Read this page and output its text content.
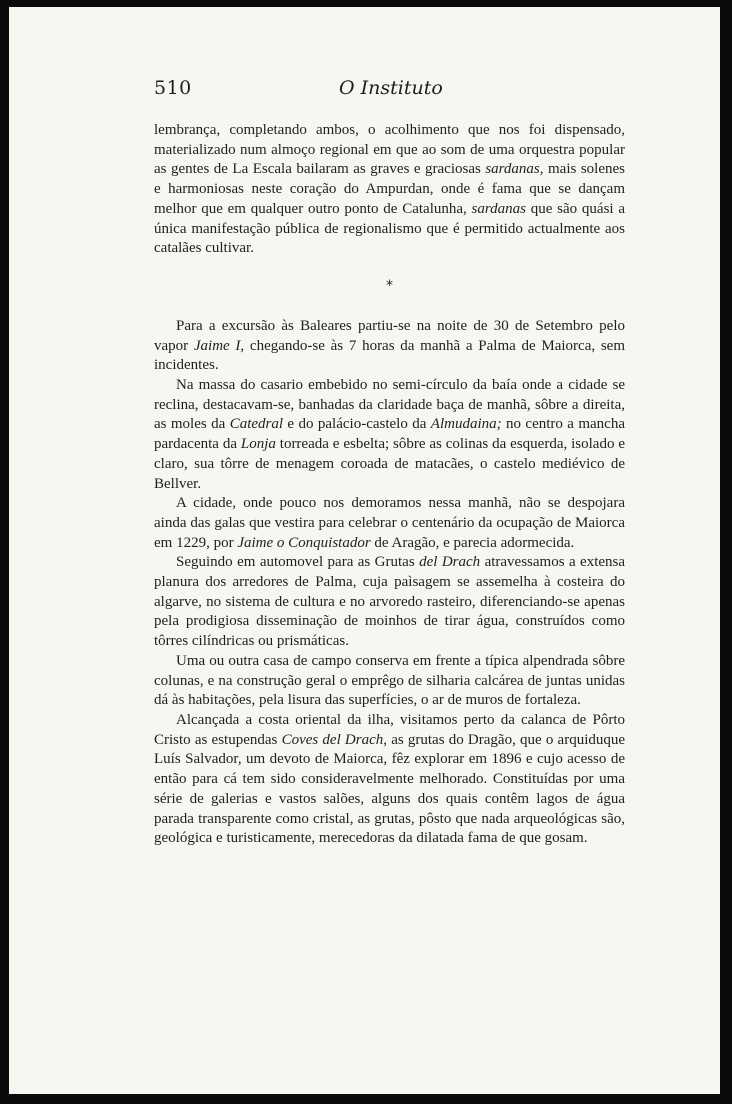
510	O Instituto

lembrança, completando ambos, o acolhimento que nos foi dispensado, materializado num almoço regional em que ao som de uma orquestra popular as gentes de La Escala bailaram as graves e graciosas sardanas, mais solenes e harmoniosas neste coração do Ampurdan, onde é fama que se dançam melhor que em qualquer outro ponto de Catalunha, sardanas que são quási a única manifestação pública de regionalismo que é permitido actualmente aos catalães cultivar.

*

Para a excursão às Baleares partiu-se na noite de 30 de Setembro pelo vapor Jaime I, chegando-se às 7 horas da manhã a Palma de Maiorca, sem incidentes.

Na massa do casario embebido no semi-círculo da baía onde a cidade se reclina, destacavam-se, banhadas da claridade baça de manhã, sôbre a direita, as moles da Catedral e do palácio-castelo da Almudaina; no centro a mancha pardacenta da Lonja torreada e esbelta; sôbre as colinas da esquerda, isolado e claro, sua tôrre de menagem coroada de matacães, o castelo mediévico de Bellver.

A cidade, onde pouco nos demoramos nessa manhã, não se despojara ainda das galas que vestira para celebrar o centenário da ocupação de Maiorca em 1229, por Jaime o Conquistador de Aragão, e parecia adormecida.

Seguindo em automovel para as Grutas del Drach atravessamos a extensa planura dos arredores de Palma, cuja paìsagem se assemelha à costeira do algarve, no sistema de cultura e no arvoredo rasteiro, diferenciando-se apenas pela prodigiosa disseminação de moinhos de tirar água, construídos como tôrres cilíndricas ou prismáticas.

Uma ou outra casa de campo conserva em frente a típica alpendrada sôbre colunas, e na construção geral o emprêgo de silharia calcárea de juntas unidas dá às habitações, pela lisura das superfícies, o ar de muros de fortaleza.

Alcançada a costa oriental da ilha, visitamos perto da calanca de Pôrto Cristo as estupendas Coves del Drach, as grutas do Dragão, que o arquiduque Luís Salvador, um devoto de Maiorca, fêz explorar em 1896 e cujo acesso de então para cá tem sido consideravelmente melhorado. Constituídas por uma série de galerias e vastos salões, alguns dos quais contêm lagos de água parada transparente como cristal, as grutas, pôsto que nada arqueológicas são, geológica e turisticamente, merecedoras da dilatada fama de que gosam.
